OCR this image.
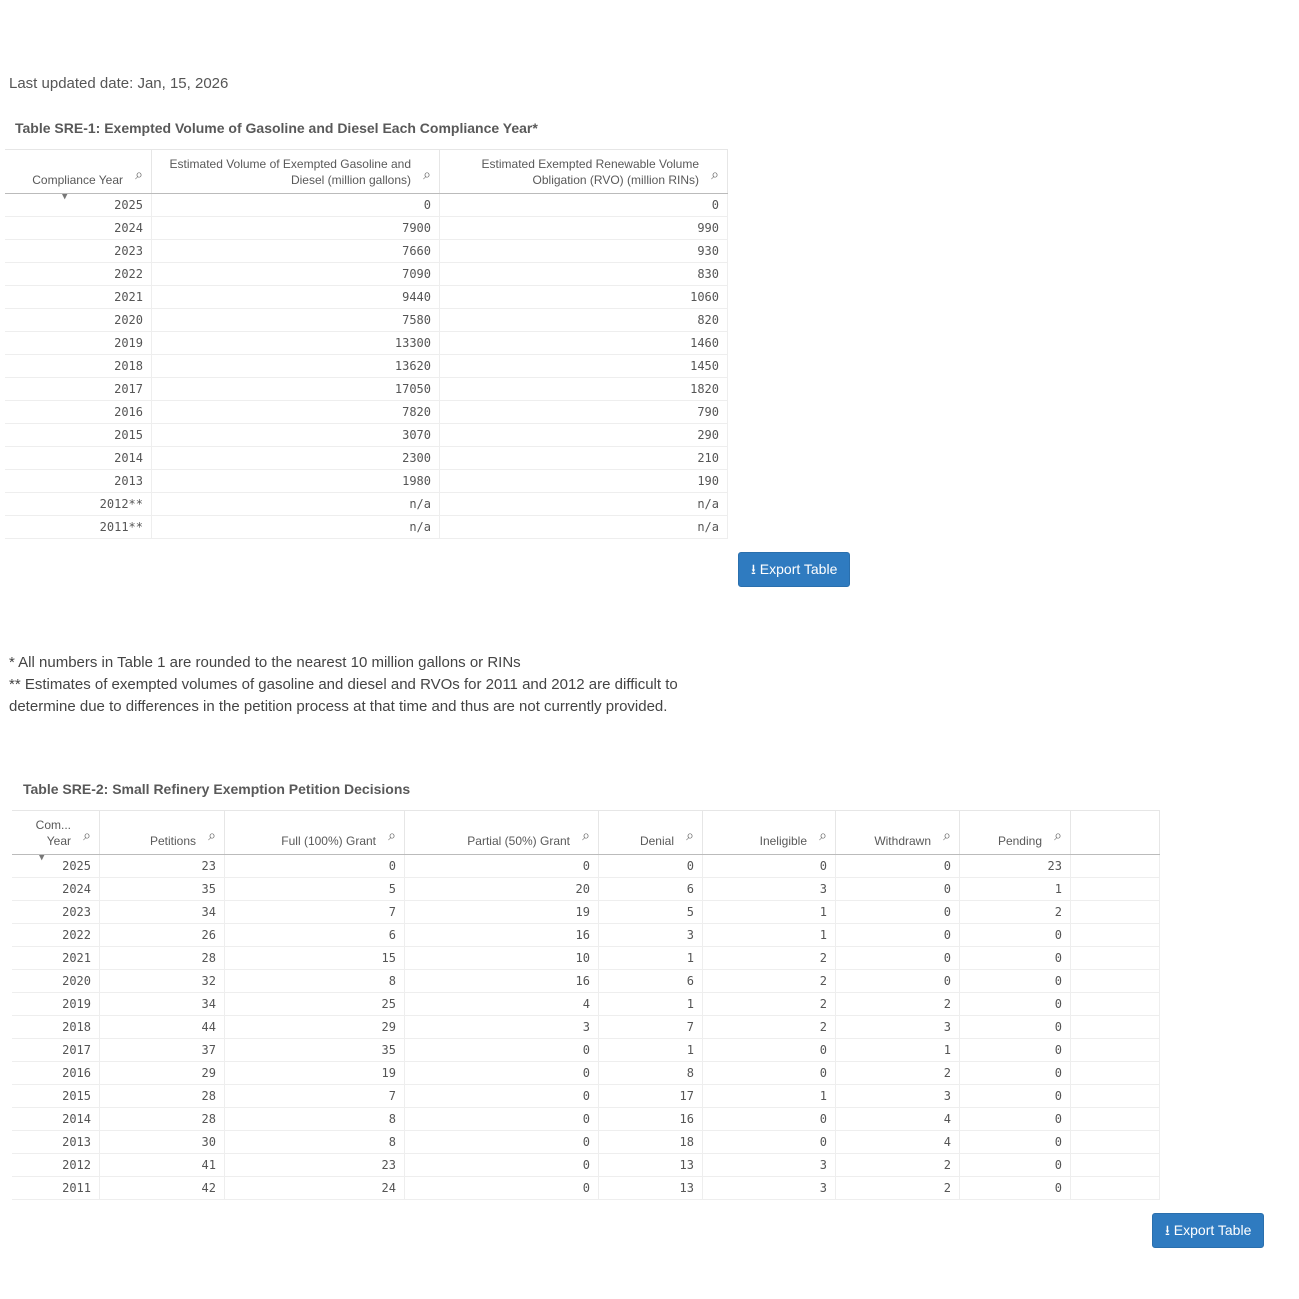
Last updated date: Jan, 15, 2026
Table SRE-1: Exempted Volume of Gasoline and Diesel Each Compliance Year*
Compliance Year ⌕	Estimated Volume of Exempted Gasoline and Diesel (million gallons) ⌕	Estimated Exempted Renewable Volume Obligation (RVO) (million RINs) ⌕

▼
2025	0	0
2024	7900	990
2023	7660	930
2022	7090	830
2021	9440	1060
2020	7580	820
2019	13300	1460
2018	13620	1450
2017	17050	1820
2016	7820	790
2015	3070	290
2014	2300	210
2013	1980	190
2012**	n/a	n/a
2011**	n/a	n/a
⭳ Export Table
* All numbers in Table 1 are rounded to the nearest 10 million gallons or RINs
** Estimates of exempted volumes of gasoline and diesel and RVOs for 2011 and 2012 are difficult to determine due to differences in the petition process at that time and thus are not currently provided.
Table SRE-2: Small Refinery Exemption Petition Decisions
Com... Year ⌕	Petitions ⌕	Full (100%) Grant ⌕	Partial (50%) Grant ⌕	Denial ⌕	Ineligible ⌕	Withdrawn ⌕	Pending ⌕	

▼
2025	23	0	0	0	0	0	23	
2024	35	5	20	6	3	0	1	
2023	34	7	19	5	1	0	2	
2022	26	6	16	3	1	0	0	
2021	28	15	10	1	2	0	0	
2020	32	8	16	6	2	0	0	
2019	34	25	4	1	2	2	0	
2018	44	29	3	7	2	3	0	
2017	37	35	0	1	0	1	0	
2016	29	19	0	8	0	2	0	
2015	28	7	0	17	1	3	0	
2014	28	8	0	16	0	4	0	
2013	30	8	0	18	0	4	0	
2012	41	23	0	13	3	2	0	
2011	42	24	0	13	3	2	0	
⭳ Export Table
